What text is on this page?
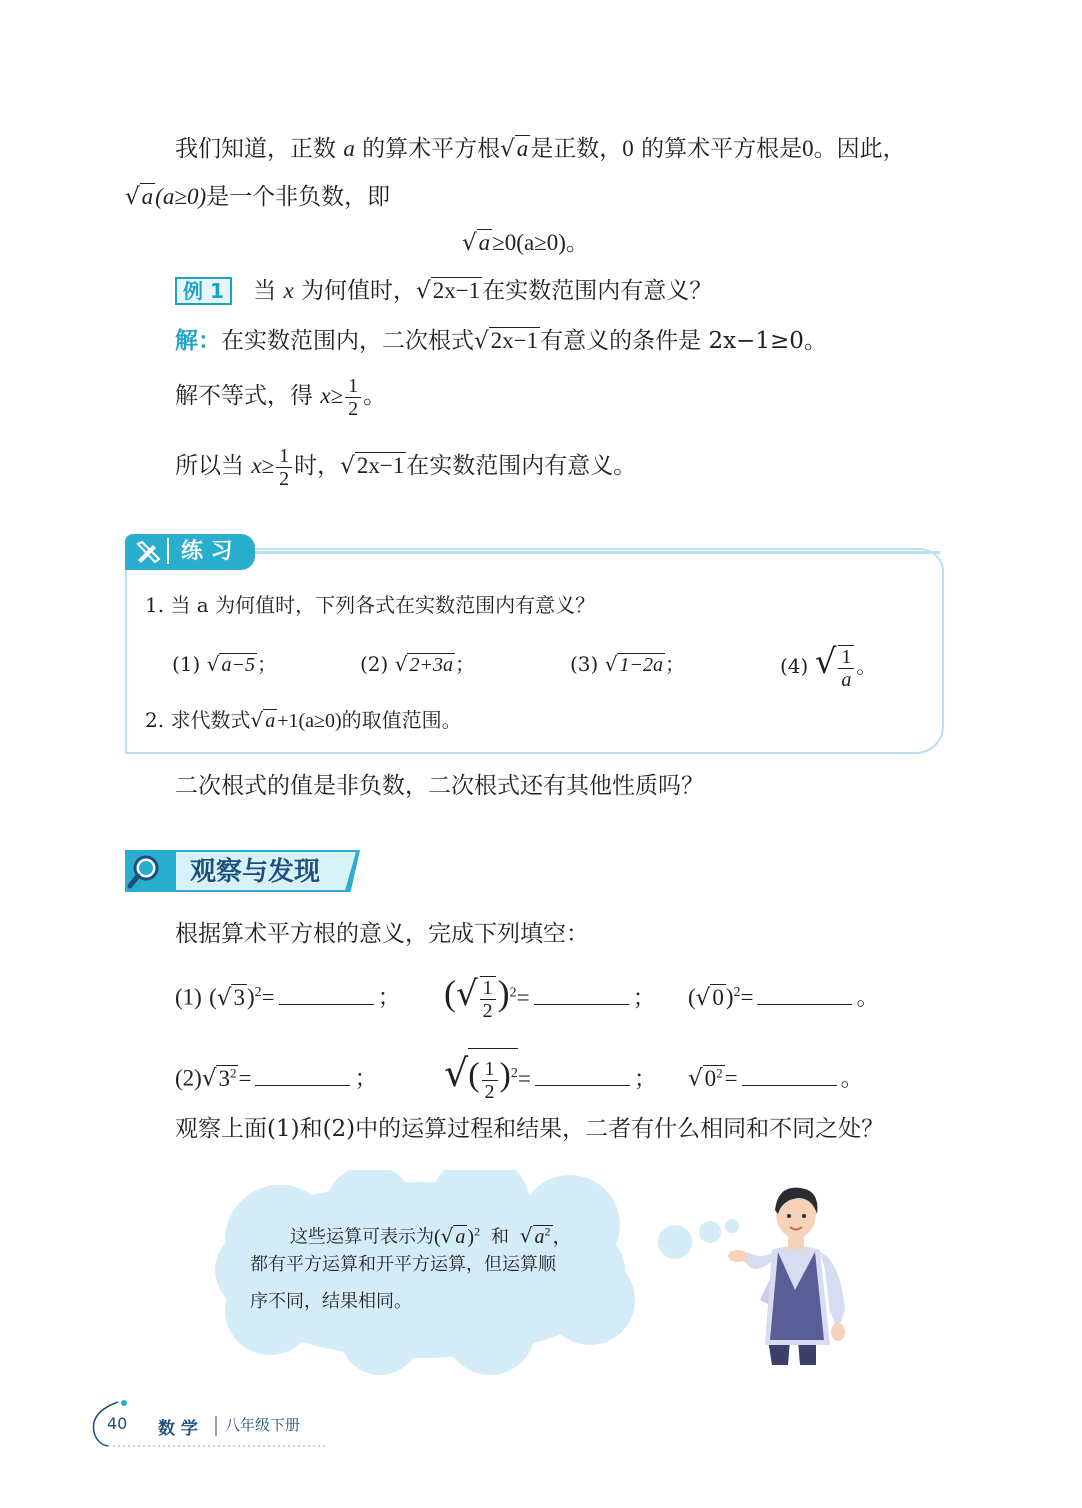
我们知道，正数 a 的算术平方根√a是正数，0 的算术平方根是0。因此，
√a(a≥0)是一个非负数，即
√a≥0(a≥0)。
例 1 当 x 为何值时，√2x−1在实数范围内有意义？
解：在实数范围内，二次根式√2x−1有意义的条件是 2x−1≥0。
解不等式，得 $x\ge \frac{1}{2}$ 。
所以当 $x\ge \frac{1}{2}$ 时，√2x−1在实数范围内有意义。
练 习
1. 当 a 为何值时，下列各式在实数范围内有意义？
(1) √ a−5 ；	(2) √ 2+3a ；	(3) √ 1−2a ；	(4) √ $\frac{1}{a}$ 。
2. 求代数式√ a +1(a≥0)的取值范围。
二次根式的值是非负数，二次根式还有其他性质吗？
观察与发现
根据算术平方根的意义，完成下列填空：
(1) $(√3)^2=$	； (√ $\frac{1}{2} )^2=$	； $(√0)^2=$	。
$(2)√3^2=$	； √( $\frac{1}{2} )^2=$	； $√0^2=$	。
观察上面(1)和(2)中的运算过程和结果，二者有什么相同和不同之处？
这些运算可表示为(√ a )$^2$ 和 √ $a^2$ ，
都有平方运算和开平方运算，但运算顺
序不同，结果相同。
40 数 学 八年级下册
